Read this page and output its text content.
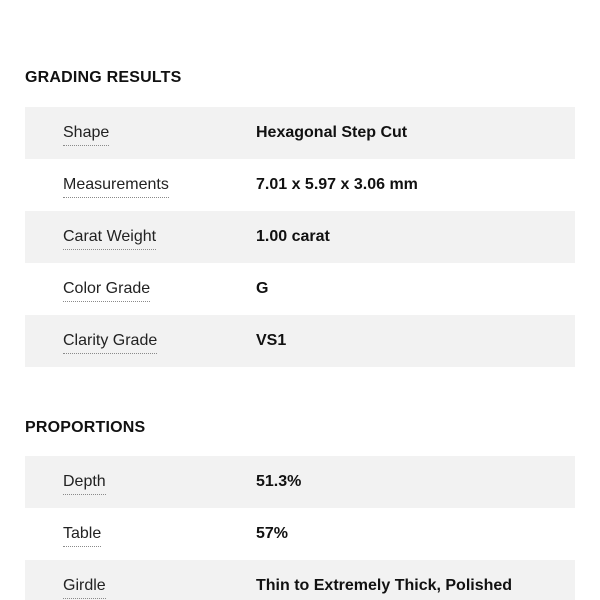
GRADING RESULTS
Shape	Hexagonal Step Cut
Measurements	7.01 x 5.97 x 3.06 mm
Carat Weight	1.00 carat
Color Grade	G
Clarity Grade	VS1
PROPORTIONS
Depth	51.3%
Table	57%
Girdle	Thin to Extremely Thick, Polished
